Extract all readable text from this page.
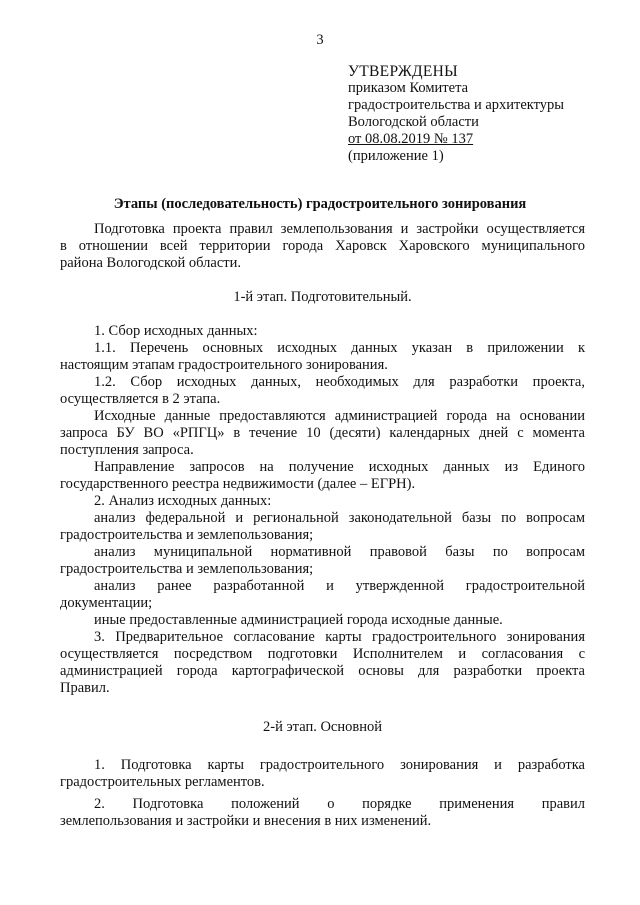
3
УТВЕРЖДЕНЫ
приказом Комитета
градостроительства и архитектуры
Вологодской области
от 08.08.2019 № 137
(приложение 1)
Этапы (последовательность) градостроительного зонирования
Подготовка проекта правил землепользования и застройки осуществляется
в отношении всей территории города Харовск Харовского муниципального
района Вологодской области.
1-й этап. Подготовительный.
1. Сбор исходных данных:
1.1. Перечень основных исходных данных указан в приложении к
настоящим этапам градостроительного зонирования.
1.2. Сбор исходных данных, необходимых для разработки проекта,
осуществляется в 2 этапа.
Исходные данные предоставляются администрацией города на основании
запроса БУ ВО «РПГЦ» в течение 10 (десяти) календарных дней с момента
поступления запроса.
Направление запросов на получение исходных данных из Единого
государственного реестра недвижимости (далее – ЕГРН).
2. Анализ исходных данных:
анализ федеральной и региональной законодательной базы по вопросам
градостроительства и землепользования;
анализ муниципальной нормативной правовой базы по вопросам
градостроительства и землепользования;
анализ ранее разработанной и утвержденной градостроительной
документации;
иные предоставленные администрацией города исходные данные.
3. Предварительное согласование карты градостроительного зонирования
осуществляется посредством подготовки Исполнителем и согласования с
администрацией города картографической основы для разработки проекта
Правил.
2-й этап. Основной
1. Подготовка карты градостроительного зонирования и разработка
градостроительных регламентов.
2. Подготовка положений о порядке применения правил
землепользования и застройки и внесения в них изменений.
